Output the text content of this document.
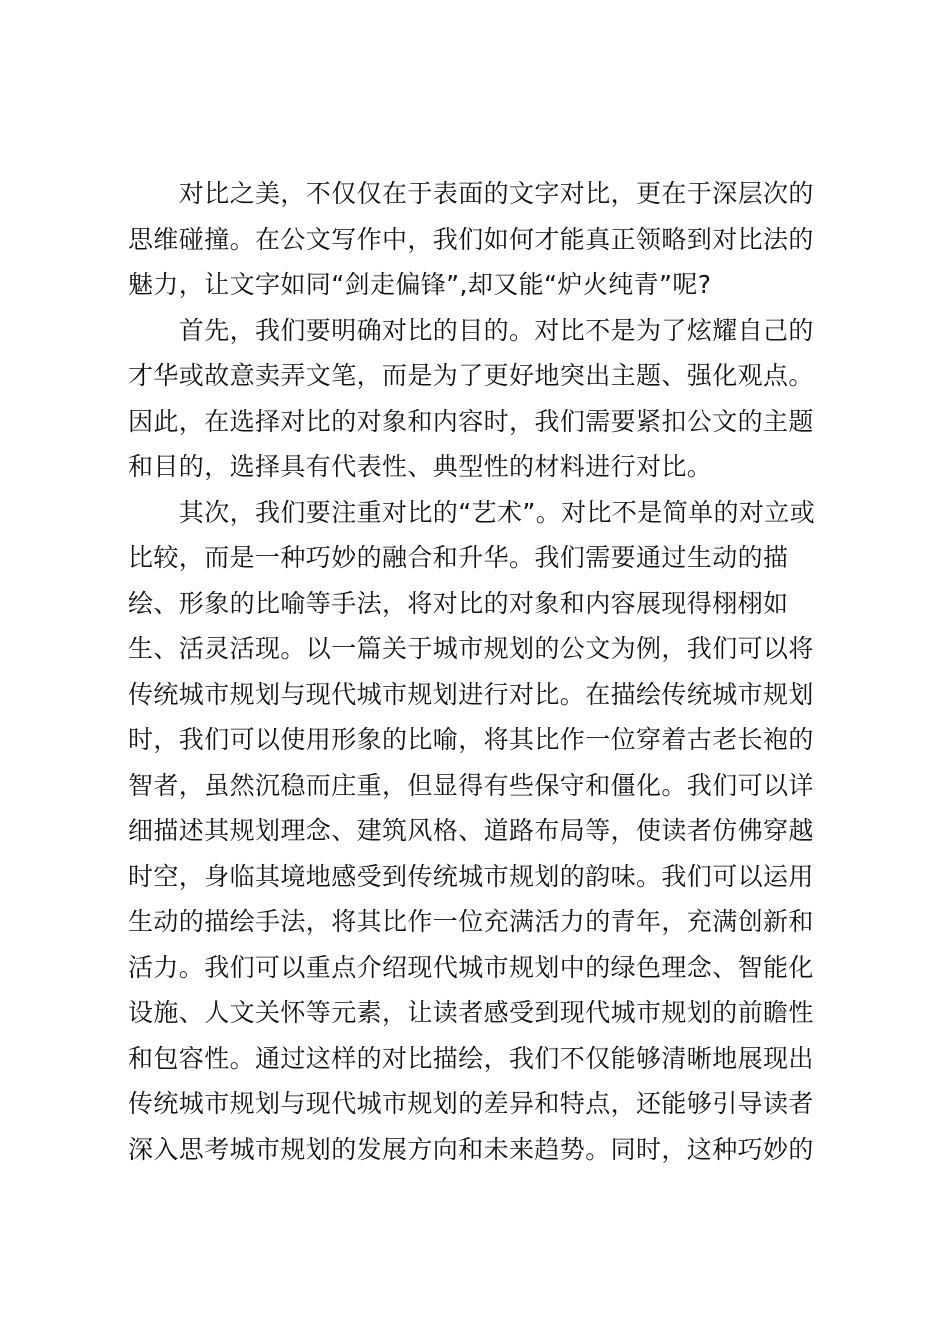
　　对比之美，不仅仅在于表面的文字对比，更在于深层次的
思维碰撞。在公文写作中，我们如何才能真正领略到对比法的
魅力，让文字如同“剑走偏锋”,却又能“炉火纯青”呢?
　　首先，我们要明确对比的目的。对比不是为了炫耀自己的
才华或故意卖弄文笔，而是为了更好地突出主题、强化观点。
因此，在选择对比的对象和内容时，我们需要紧扣公文的主题
和目的，选择具有代表性、典型性的材料进行对比。
　　其次，我们要注重对比的“艺术”。对比不是简单的对立或
比较，而是一种巧妙的融合和升华。我们需要通过生动的描
绘、形象的比喻等手法，将对比的对象和内容展现得栩栩如
生、活灵活现。以一篇关于城市规划的公文为例，我们可以将
传统城市规划与现代城市规划进行对比。在描绘传统城市规划
时，我们可以使用形象的比喻，将其比作一位穿着古老长袍的
智者，虽然沉稳而庄重，但显得有些保守和僵化。我们可以详
细描述其规划理念、建筑风格、道路布局等，使读者仿佛穿越
时空，身临其境地感受到传统城市规划的韵味。我们可以运用
生动的描绘手法，将其比作一位充满活力的青年，充满创新和
活力。我们可以重点介绍现代城市规划中的绿色理念、智能化
设施、人文关怀等元素，让读者感受到现代城市规划的前瞻性
和包容性。通过这样的对比描绘，我们不仅能够清晰地展现出
传统城市规划与现代城市规划的差异和特点，还能够引导读者
深入思考城市规划的发展方向和未来趋势。同时，这种巧妙的
